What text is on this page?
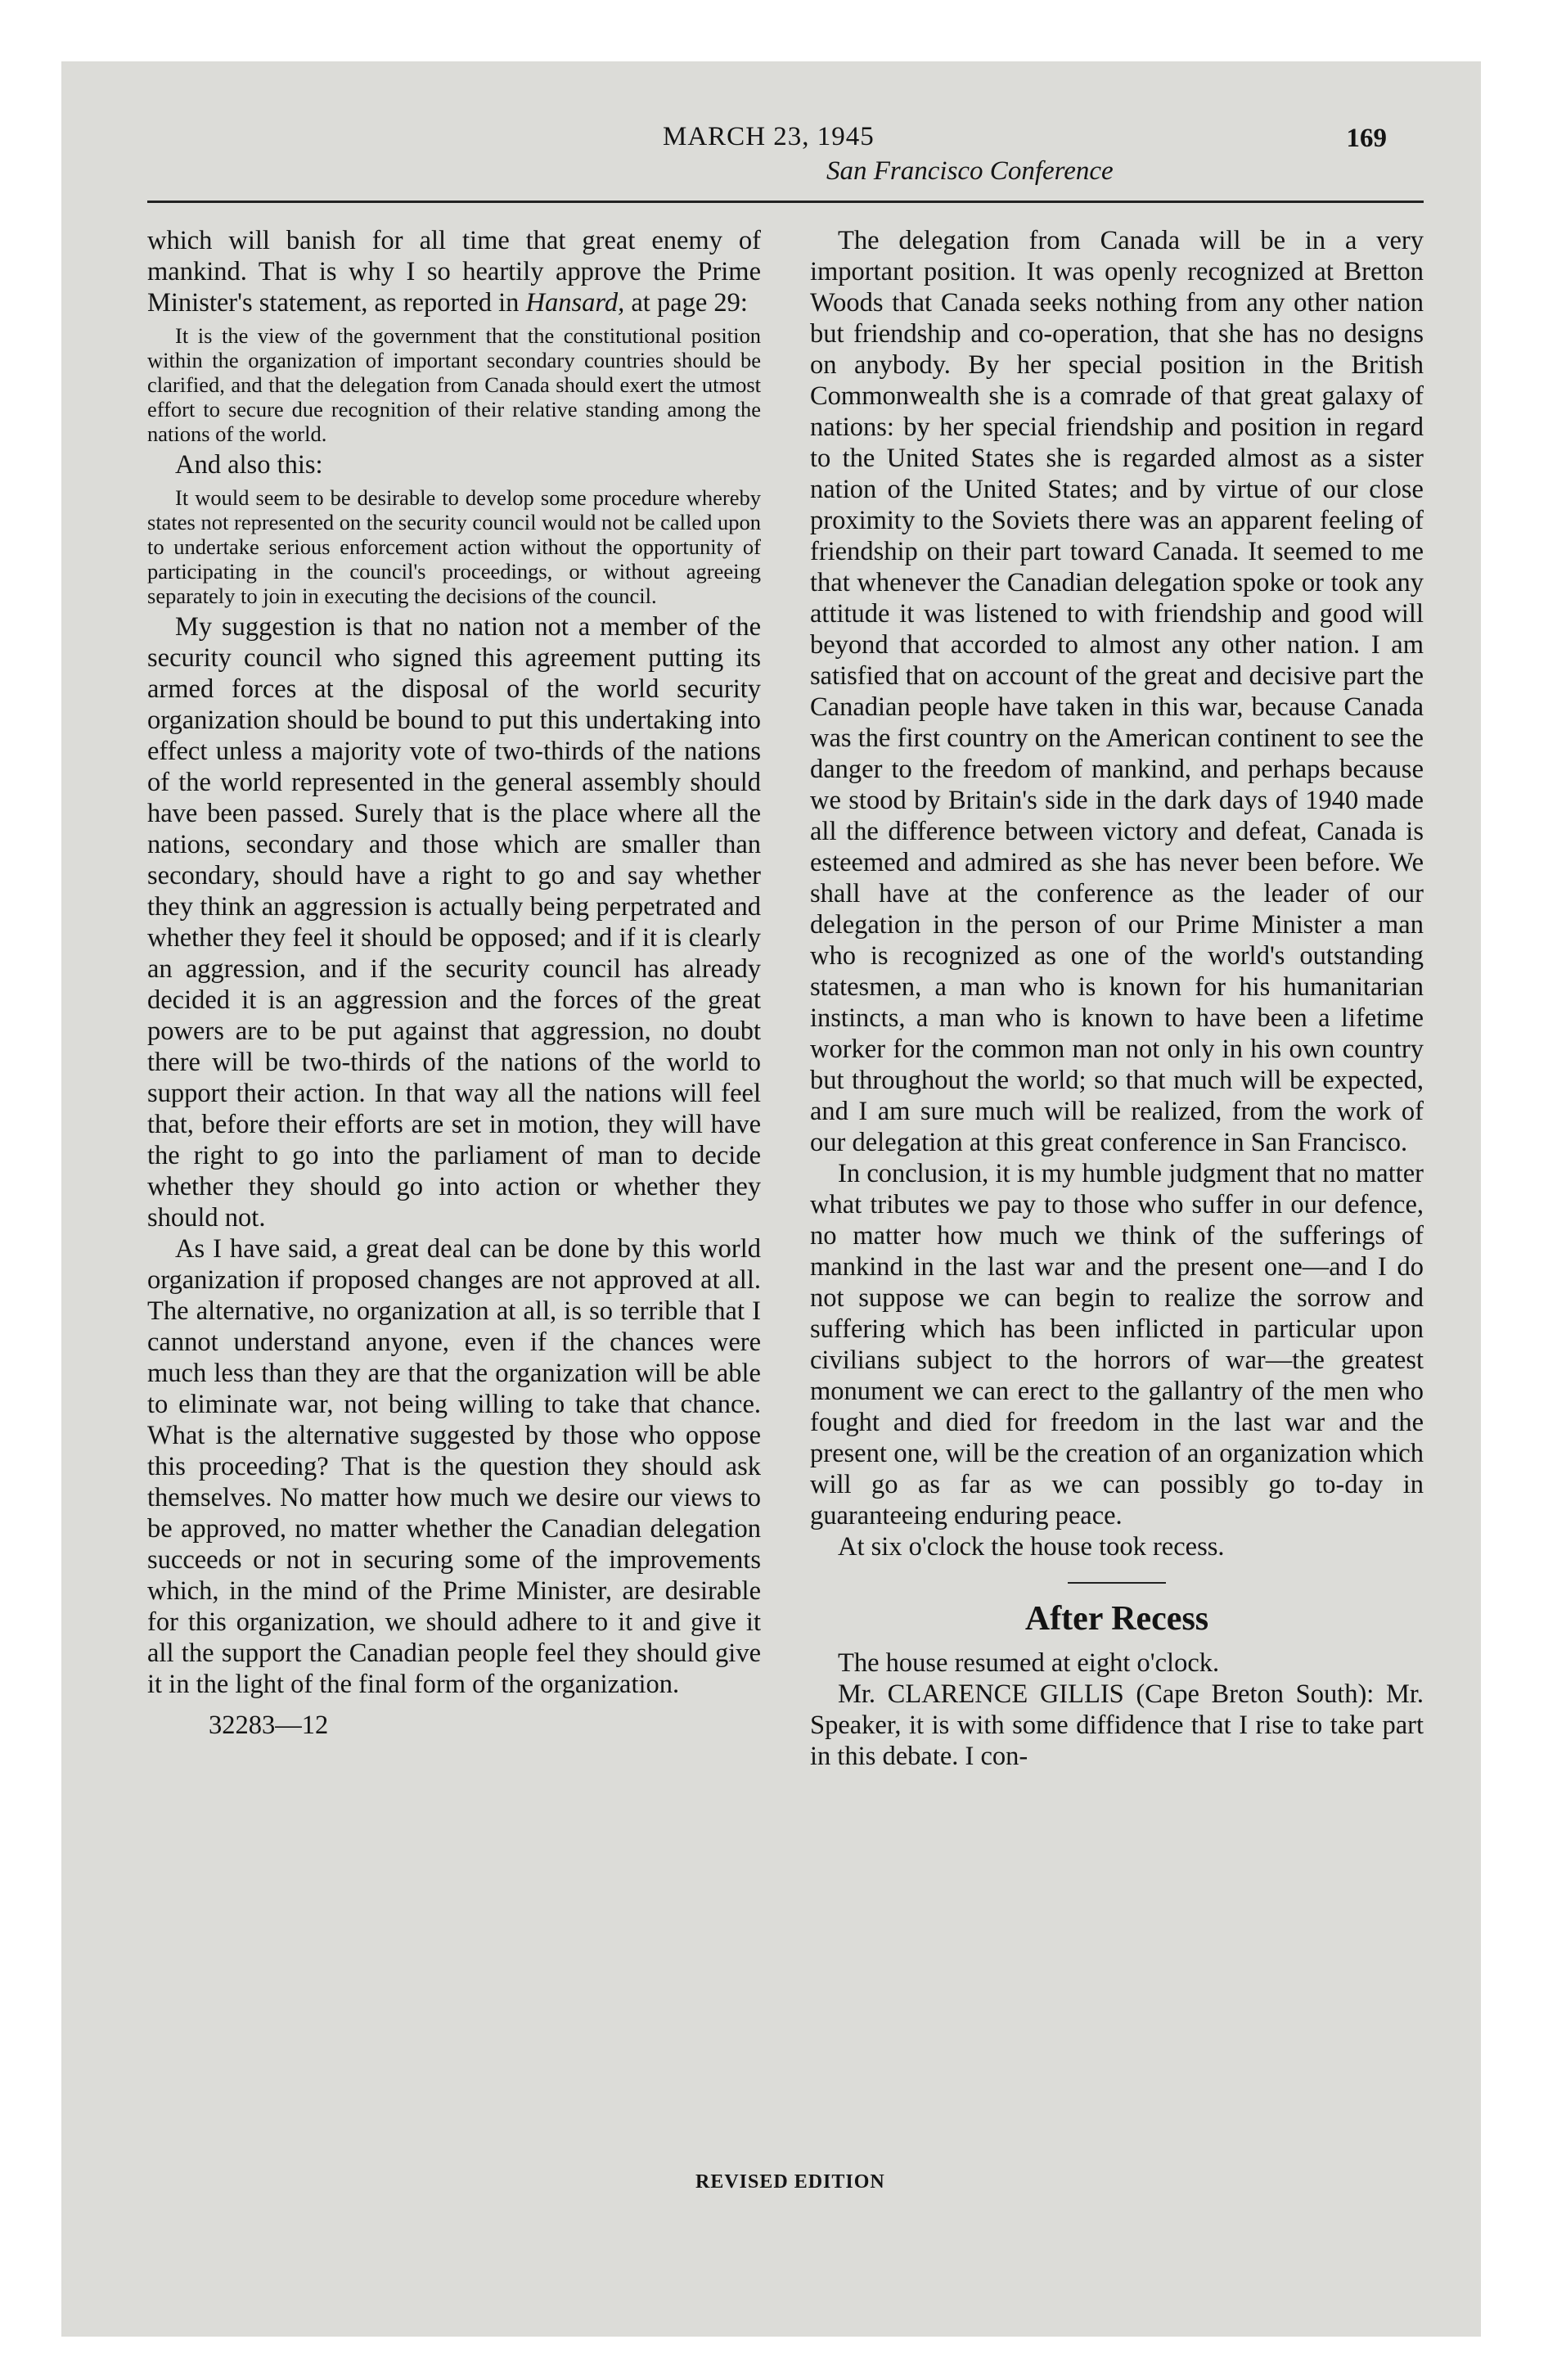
MARCH 23, 1945
San Francisco Conference
169

which will banish for all time that great enemy of mankind. That is why I so heartily approve the Prime Minister's statement, as reported in Hansard, at page 29:

It is the view of the government that the constitutional position within the organization of important secondary countries should be clarified, and that the delegation from Canada should exert the utmost effort to secure due recognition of their relative standing among the nations of the world.

And also this:

It would seem to be desirable to develop some procedure whereby states not represented on the security council would not be called upon to undertake serious enforcement action without the opportunity of participating in the council's proceedings, or without agreeing separately to join in executing the decisions of the council.

My suggestion is that no nation not a member of the security council who signed this agreement putting its armed forces at the disposal of the world security organization should be bound to put this undertaking into effect unless a majority vote of two-thirds of the nations of the world represented in the general assembly should have been passed. Surely that is the place where all the nations, secondary and those which are smaller than secondary, should have a right to go and say whether they think an aggression is actually being perpetrated and whether they feel it should be opposed; and if it is clearly an aggression, and if the security council has already decided it is an aggression and the forces of the great powers are to be put against that aggression, no doubt there will be two-thirds of the nations of the world to support their action. In that way all the nations will feel that, before their efforts are set in motion, they will have the right to go into the parliament of man to decide whether they should go into action or whether they should not.

As I have said, a great deal can be done by this world organization if proposed changes are not approved at all. The alternative, no organization at all, is so terrible that I cannot understand anyone, even if the chances were much less than they are that the organization will be able to eliminate war, not being willing to take that chance. What is the alternative suggested by those who oppose this proceeding? That is the question they should ask themselves. No matter how much we desire our views to be approved, no matter whether the Canadian delegation succeeds or not in securing some of the improvements which, in the mind of the Prime Minister, are desirable for this organization, we should adhere to it and give it all the support the Canadian people feel they should give it in the light of the final form of the organization.

32283—12

The delegation from Canada will be in a very important position. It was openly recognized at Bretton Woods that Canada seeks nothing from any other nation but friendship and co-operation, that she has no designs on anybody. By her special position in the British Commonwealth she is a comrade of that great galaxy of nations: by her special friendship and position in regard to the United States she is regarded almost as a sister nation of the United States; and by virtue of our close proximity to the Soviets there was an apparent feeling of friendship on their part toward Canada. It seemed to me that whenever the Canadian delegation spoke or took any attitude it was listened to with friendship and good will beyond that accorded to almost any other nation. I am satisfied that on account of the great and decisive part the Canadian people have taken in this war, because Canada was the first country on the American continent to see the danger to the freedom of mankind, and perhaps because we stood by Britain's side in the dark days of 1940 made all the difference between victory and defeat, Canada is esteemed and admired as she has never been before. We shall have at the conference as the leader of our delegation in the person of our Prime Minister a man who is recognized as one of the world's outstanding statesmen, a man who is known for his humanitarian instincts, a man who is known to have been a lifetime worker for the common man not only in his own country but throughout the world; so that much will be expected, and I am sure much will be realized, from the work of our delegation at this great conference in San Francisco.

In conclusion, it is my humble judgment that no matter what tributes we pay to those who suffer in our defence, no matter how much we think of the sufferings of mankind in the last war and the present one—and I do not suppose we can begin to realize the sorrow and suffering which has been inflicted in particular upon civilians subject to the horrors of war—the greatest monument we can erect to the gallantry of the men who fought and died for freedom in the last war and the present one, will be the creation of an organization which will go as far as we can possibly go to-day in guaranteeing enduring peace.

At six o'clock the house took recess.

After Recess

The house resumed at eight o'clock.

Mr. CLARENCE GILLIS (Cape Breton South): Mr. Speaker, it is with some diffidence that I rise to take part in this debate. I con-

REVISED EDITION
